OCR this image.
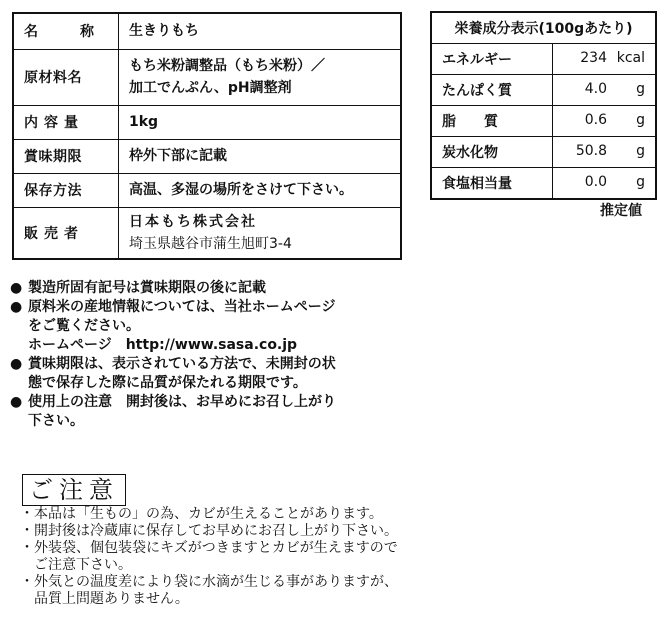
名　称	生きりもち
原材料名	もち米粉調整品（もち米粉）／
加工でんぷん、pH調整剤

内容量	1kg
賞味期限	枠外下部に記載
保存方法	高温、多湿の場所をさけて下さい。
販売者	日本もち株式会社
埼玉県越谷市蒲生旭町3-4
栄養成分表示(100gあたり)	
エネルギー	234 kcal

たんぱく質	4.0 g

脂　　質	0.6 g

炭水化物	50.8 g

食塩相当量	0.0 g
推定値
● 製造所固有記号は賞味期限の後に記載
● 原料米の産地情報については、当社ホームページ
をご覧ください。
ホームページ　http://www.sasa.co.jp
● 賞味期限は、表示されている方法で、未開封の状
態で保存した際に品質が保たれる期限です。
● 使用上の注意　開封後は、お早めにお召し上がり
下さい。
ご注意
・ 本品は「生もの」の為、カビが生えることがあります。
・ 開封後は冷蔵庫に保存してお早めにお召し上がり下さい。
・ 外装袋、個包装袋にキズがつきますとカビが生えますので
ご注意下さい。
・ 外気との温度差により袋に水滴が生じる事がありますが、
品質上問題ありません。
